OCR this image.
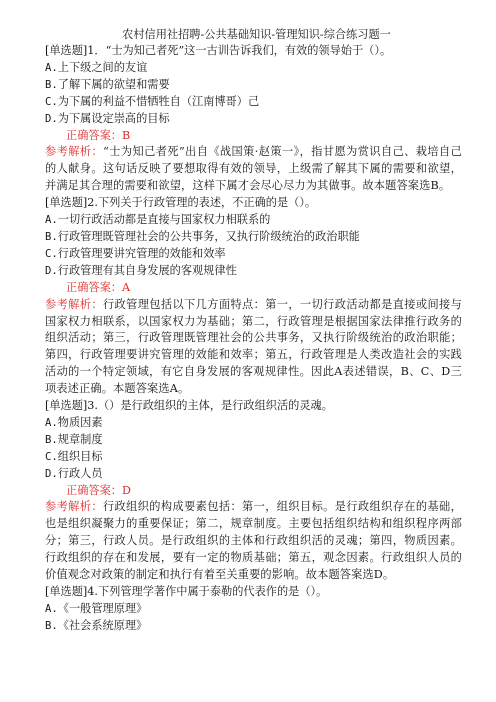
农村信用社招聘-公共基础知识-管理知识-综合练习题一

[单选题]1．“士为知己者死”这一古训告诉我们，有效的领导始于（）。

A.上下级之间的友谊

B.了解下属的欲望和需要

C.为下属的利益不惜牺牲自（江南博哥）己

D.为下属设定崇高的目标

正确答案：B

参考解析：“士为知己者死”出自《战国策·赵策一》，指甘愿为赏识自己、栽培自己的人献身。这句话反映了要想取得有效的领导，上级需了解其下属的需要和欲望，并满足其合理的需要和欲望，这样下属才会尽心尽力为其做事。故本题答案选B。

[单选题]2.下列关于行政管理的表述，不正确的是（）。

A.一切行政活动都是直接与国家权力相联系的

B.行政管理既管理社会的公共事务，又执行阶级统治的政治职能

C.行政管理要讲究管理的效能和效率

D.行政管理有其自身发展的客观规律性

正确答案：A

参考解析：行政管理包括以下几方面特点：第一，一切行政活动都是直接或间接与国家权力相联系，以国家权力为基础；第二，行政管理是根据国家法律推行政务的组织活动；第三，行政管理既管理社会的公共事务，又执行阶级统治的政治职能；第四，行政管理要讲究管理的效能和效率；第五，行政管理是人类改造社会的实践活动的一个特定领域，有它自身发展的客观规律性。因此A表述错误，B、C、D三项表述正确。本题答案选A。

[单选题]3.（）是行政组织的主体，是行政组织活的灵魂。

A.物质因素

B.规章制度

C.组织目标

D.行政人员

正确答案：D

参考解析：行政组织的构成要素包括：第一，组织目标。是行政组织存在的基础，也是组织凝聚力的重要保证；第二，规章制度。主要包括组织结构和组织程序两部分；第三，行政人员。是行政组织的主体和行政组织活的灵魂；第四，物质因素。行政组织的存在和发展，要有一定的物质基础；第五，观念因素。行政组织人员的价值观念对政策的制定和执行有着至关重要的影响。故本题答案选D。

[单选题]4.下列管理学著作中属于泰勒的代表作的是（）。

A.《一般管理原理》

B.《社会系统原理》
